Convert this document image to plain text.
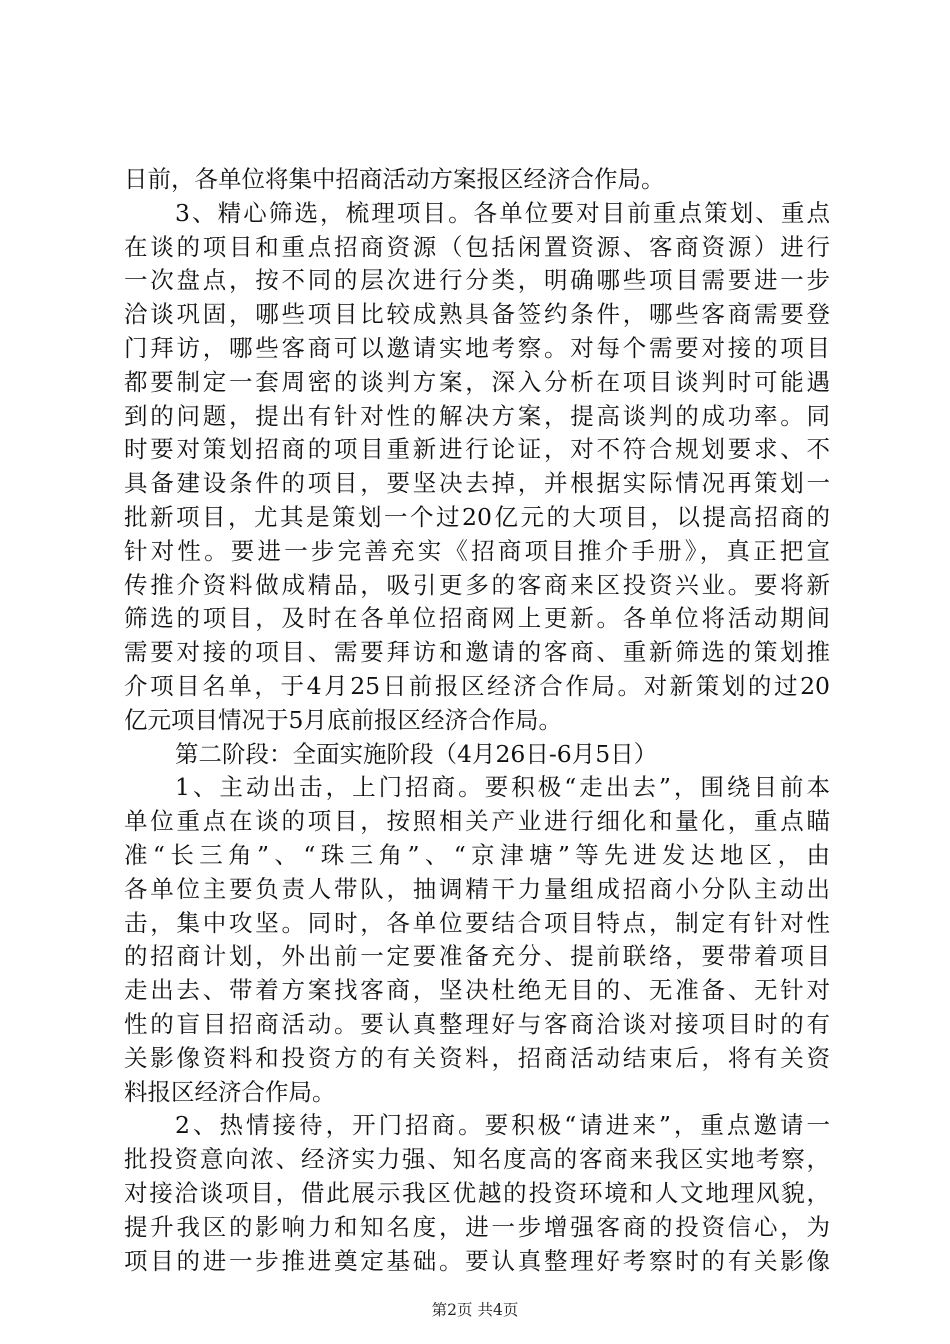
日前，各单位将集中招商活动方案报区经济合作局。
3、精心筛选，梳理项目。各单位要对目前重点策划、重点
在谈的项目和重点招商资源（包括闲置资源、客商资源）进行
一次盘点，按不同的层次进行分类，明确哪些项目需要进一步
洽谈巩固，哪些项目比较成熟具备签约条件，哪些客商需要登
门拜访，哪些客商可以邀请实地考察。对每个需要对接的项目
都要制定一套周密的谈判方案，深入分析在项目谈判时可能遇
到的问题，提出有针对性的解决方案，提高谈判的成功率。同
时要对策划招商的项目重新进行论证，对不符合规划要求、不
具备建设条件的项目，要坚决去掉，并根据实际情况再策划一
批新项目，尤其是策划一个过20亿元的大项目，以提高招商的
针对性。要进一步完善充实《招商项目推介手册》，真正把宣
传推介资料做成精品，吸引更多的客商来区投资兴业。要将新
筛选的项目，及时在各单位招商网上更新。各单位将活动期间
需要对接的项目、需要拜访和邀请的客商、重新筛选的策划推
介项目名单，于4月25日前报区经济合作局。对新策划的过20
亿元项目情况于5月底前报区经济合作局。
第二阶段：全面实施阶段（4月26日-6月5日）
1、主动出击，上门招商。要积极“走出去”，围绕目前本
单位重点在谈的项目，按照相关产业进行细化和量化，重点瞄
准“长三角”、“珠三角”、“京津塘”等先进发达地区，由
各单位主要负责人带队，抽调精干力量组成招商小分队主动出
击，集中攻坚。同时，各单位要结合项目特点，制定有针对性
的招商计划，外出前一定要准备充分、提前联络，要带着项目
走出去、带着方案找客商，坚决杜绝无目的、无准备、无针对
性的盲目招商活动。要认真整理好与客商洽谈对接项目时的有
关影像资料和投资方的有关资料，招商活动结束后，将有关资
料报区经济合作局。
2、热情接待，开门招商。要积极“请进来”，重点邀请一
批投资意向浓、经济实力强、知名度高的客商来我区实地考察，
对接洽谈项目，借此展示我区优越的投资环境和人文地理风貌，
提升我区的影响力和知名度，进一步增强客商的投资信心，为
项目的进一步推进奠定基础。要认真整理好考察时的有关影像
第2页 共4页
